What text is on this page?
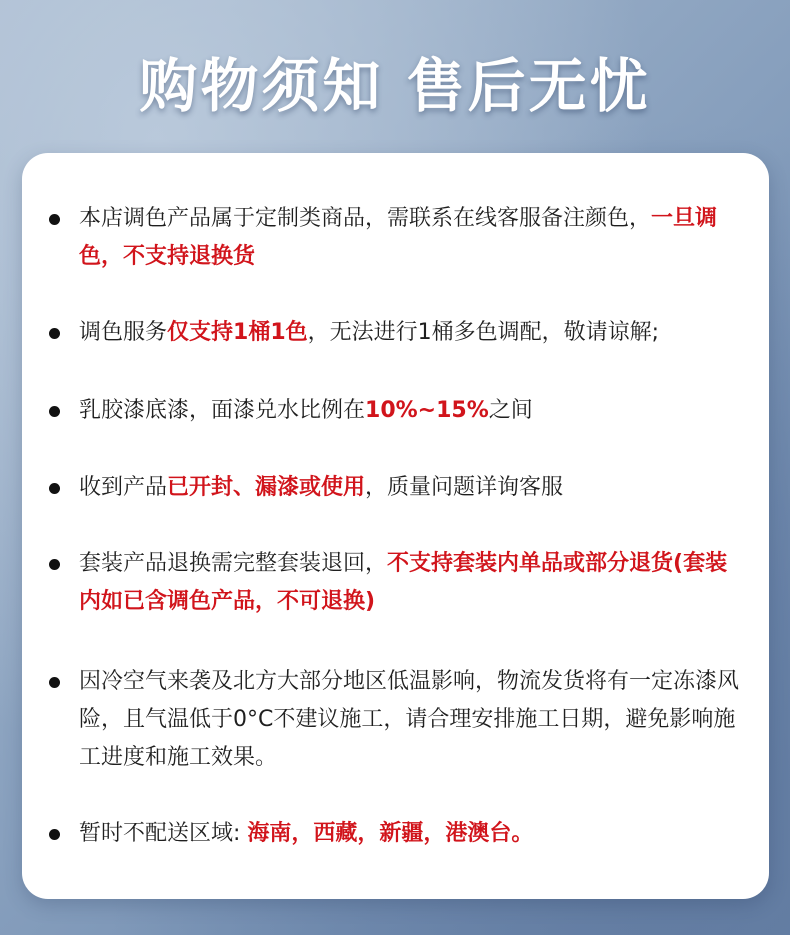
购物须知 售后无忧
本店调色产品属于定制类商品，需联系在线客服备注颜色，一旦调色，不支持退换货
调色服务仅支持1桶1色，无法进行1桶多色调配，敬请谅解;
乳胶漆底漆，面漆兑水比例在10%~15%之间
收到产品已开封、漏漆或使用，质量问题详询客服
套装产品退换需完整套装退回，不支持套装内单品或部分退货(套装内如已含调色产品，不可退换)
因冷空气来袭及北方大部分地区低温影响，物流发货将有一定冻漆风险，且气温低于0°C不建议施工，请合理安排施工日期，避免影响施工进度和施工效果。
暂时不配送区域: 海南，西藏，新疆，港澳台。
